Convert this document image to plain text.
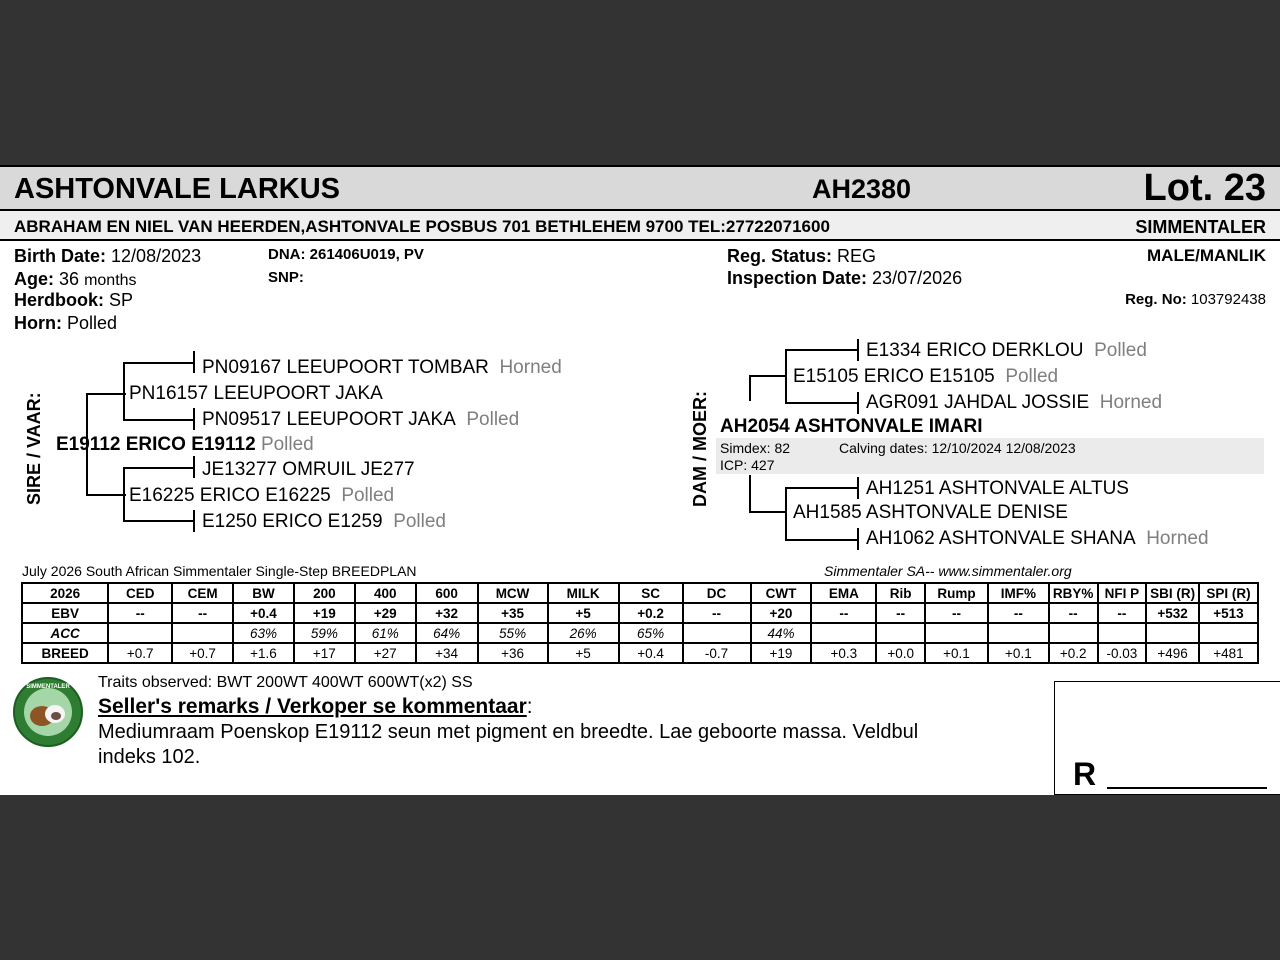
ASHTONVALE LARKUS	AH2380	Lot. 23
ABRAHAM EN NIEL VAN HEERDEN,ASHTONVALE POSBUS 701 BETHLEHEM 9700 TEL:27722071600	SIMMENTALER
Birth Date: 12/08/2023
Age: 36 months
Herdbook: SP
Horn: Polled
DNA: 261406U019, PV
SNP:
Reg. Status: REG
Inspection Date: 23/07/2026
MALE/MANLIK
Reg. No: 103792438
SIRE / VAAR:
PN09167 LEEUPOORT TOMBAR Horned
PN16157 LEEUPOORT JAKA
PN09517 LEEUPOORT JAKA Polled
E19112 ERICO E19112 Polled
JE13277 OMRUIL JE277
E16225 ERICO E16225 Polled
E1250 ERICO E1259 Polled
DAM / MOER:
E1334 ERICO DERKLOU Polled
E15105 ERICO E15105 Polled
AGR091 JAHDAL JOSSIE Horned
AH2054 ASHTONVALE IMARI
Simdex: 82	Calving dates: 12/10/2024 12/08/2023
ICP: 427
AH1251 ASHTONVALE ALTUS
AH1585 ASHTONVALE DENISE
AH1062 ASHTONVALE SHANA Horned
July 2026 South African Simmentaler Single-Step BREEDPLAN	Simmentaler SA-- www.simmentaler.org
2026	CED	CEM	BW	200	400	600	MCW	MILK	SC	DC	CWT	EMA	Rib	Rump	IMF%	RBY%	NFI P	SBI (R)	SPI (R)
EBV	--	--	+0.4	+19	+29	+32	+35	+5	+0.2	--	+20	--	--	--	--	--	--	+532	+513
ACC			63%	59%	61%	64%	55%	26%	65%		44%								
BREED	+0.7	+0.7	+1.6	+17	+27	+34	+36	+5	+0.4	-0.7	+19	+0.3	+0.0	+0.1	+0.1	+0.2	-0.03	+496	+481
SIMMENTALER Traits observed: BWT 200WT 400WT 600WT(x2) SS
Seller's remarks / Verkoper se kommentaar:
Mediumraam Poenskop E19112 seun met pigment en breedte. Lae geboorte massa. Veldbul
indeks 102.	R
